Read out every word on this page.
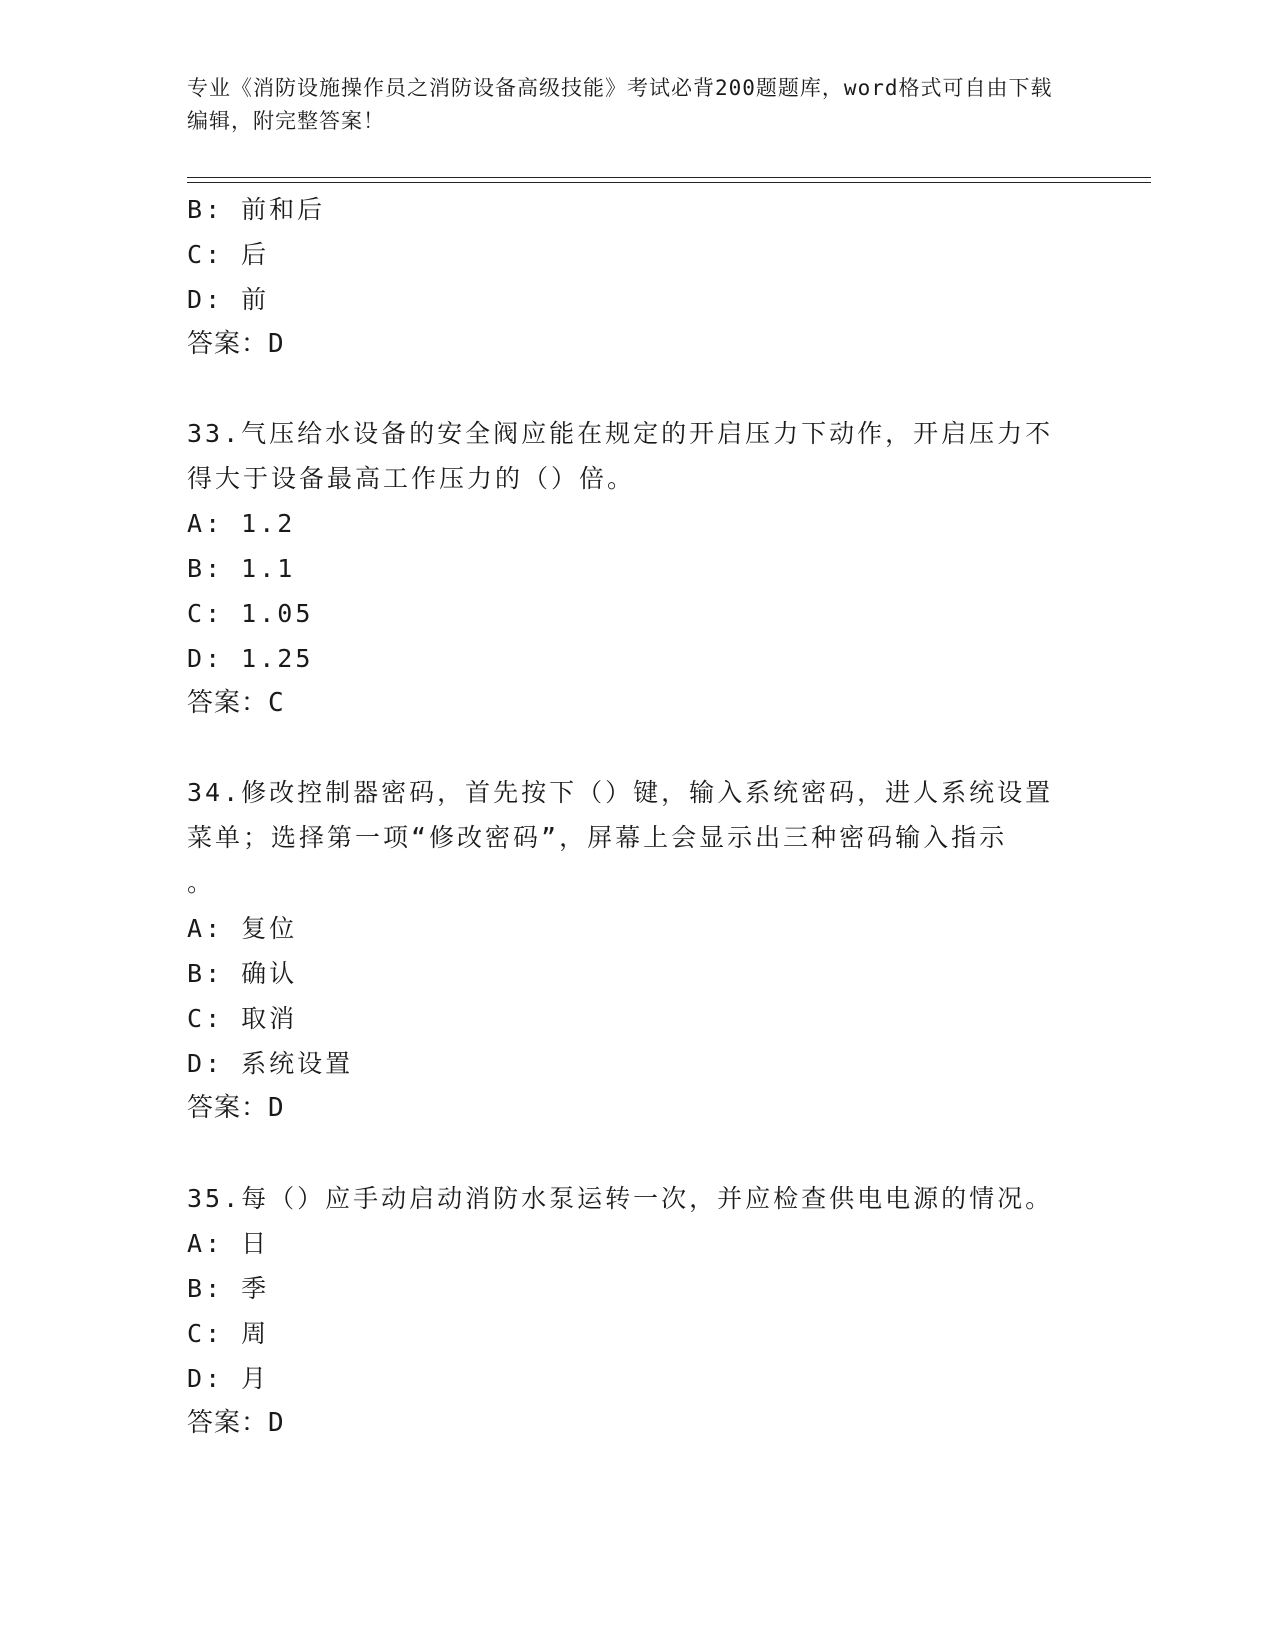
专业《消防设施操作员之消防设备高级技能》考试必背200题题库，word格式可自由下载编辑，附完整答案！
B: 前和后
C: 后
D: 前
答案：D
33.气压给水设备的安全阀应能在规定的开启压力下动作，开启压力不
得大于设备最高工作压力的（）倍。
A: 1.2
B: 1.1
C: 1.05
D: 1.25
答案：C
34.修改控制器密码，首先按下（）键，输入系统密码，进人系统设置
菜单；选择第一项“修改密码”，屏幕上会显示出三种密码输入指示
。
A: 复位
B: 确认
C: 取消
D: 系统设置
答案：D
35.每（）应手动启动消防水泵运转一次，并应检查供电电源的情况。
A: 日
B: 季
C: 周
D: 月
答案：D
